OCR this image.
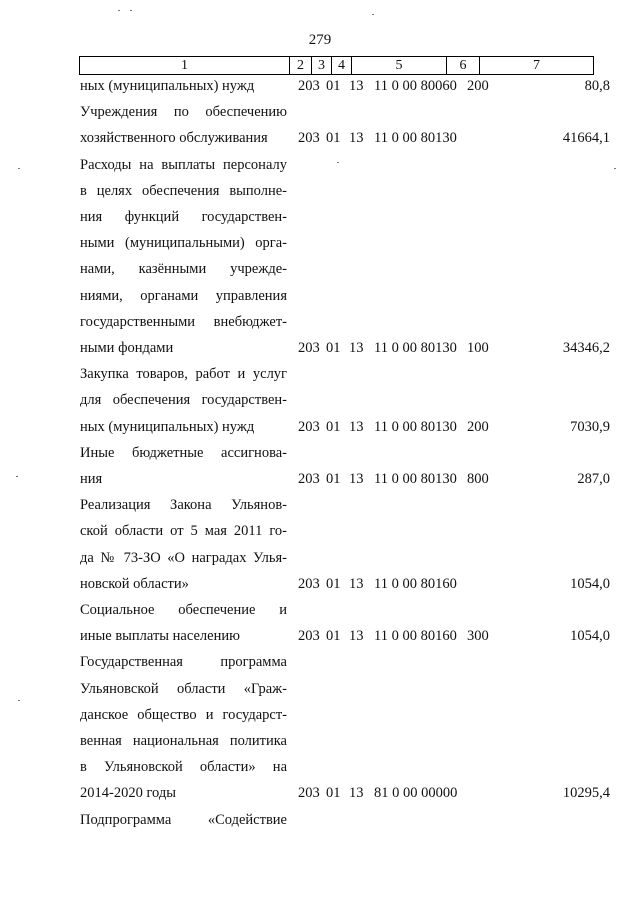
279
1	2	3	4	5	6	7
ных (муниципальных) нужд	203 01 13 11 0 00 80060 200	80,8
Учреждения по обеспечению
хозяйственного обслуживания	203 01 13 11 0 00 80130	41664,1
Расходы на выплаты персоналу
в целях обеспечения выполне-
ния функций государствен-
ными (муниципальными) орга-
нами, казёнными учрежде-
ниями, органами управления
государственными внебюджет-
ными фондами	203 01 13 11 0 00 80130 100	34346,2
Закупка товаров, работ и услуг
для обеспечения государствен-
ных (муниципальных) нужд	203 01 13 11 0 00 80130 200	7030,9
Иные бюджетные ассигнова-
ния	203 01 13 11 0 00 80130 800	287,0
Реализация Закона Ульянов-
ской области от 5 мая 2011 го-
да № 73-ЗО «О наградах Улья-
новской области»	203 01 13 11 0 00 80160	1054,0
Социальное обеспечение и
иные выплаты населению	203 01 13 11 0 00 80160 300	1054,0
Государственная программа
Ульяновской области «Граж-
данское общество и государст-
венная национальная политика
в Ульяновской области» на
2014-2020 годы	203 01 13 81 0 00 00000	10295,4
Подпрограмма «Содействие
